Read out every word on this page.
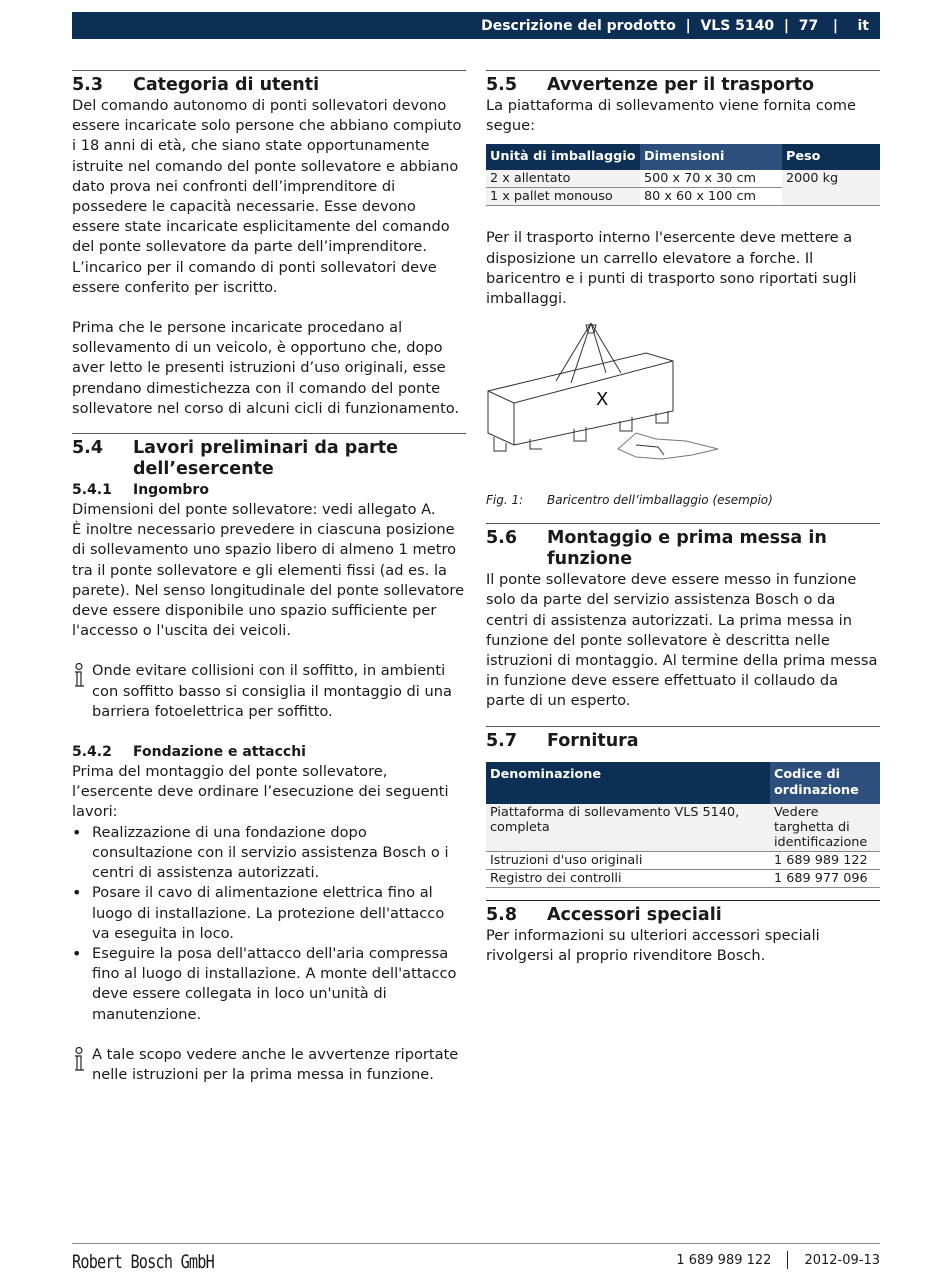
Descrizione del prodotto
|
VLS 5140
|
77
|
it
5.3	Categoria di utenti

Del comando autonomo di ponti sollevatori devono essere incaricate solo persone che abbiano compiuto i 18 anni di età, che siano state opportunamente istruite nel comando del ponte sollevatore e abbiano dato prova nei confronti dell’imprenditore di possedere le capacità necessarie. Esse devono essere state incaricate esplicitamente del comando del ponte sollevatore da parte dell’imprenditore. L’incarico per il comando di ponti sollevatori deve essere conferito per iscritto.

Prima che le persone incaricate procedano al sollevamento di un veicolo, è opportuno che, dopo aver letto le presenti istruzioni d’uso originali, esse prendano dimestichezza con il comando del ponte sollevatore nel corso di alcuni cicli di funzionamento.

5.4	Lavori preliminari da parte dell’esercente
5.4.1	Ingombro

Dimensioni del ponte sollevatore: vedi allegato A.

È inoltre necessario prevedere in ciascuna posizione di sollevamento uno spazio libero di almeno 1 metro tra il ponte sollevatore e gli elementi fissi (ad es. la parete). Nel senso longitudinale del ponte sollevatore deve essere disponibile uno spazio sufficiente per l'accesso o l'uscita dei veicoli.

Onde evitare collisioni con il soffitto, in ambienti con soffitto basso si consiglia il montaggio di una barriera fotoelettrica per soffitto.
5.4.2	Fondazione e attacchi

Prima del montaggio del ponte sollevatore, l’esercente deve ordinare l’esecuzione dei seguenti lavori:

• Realizzazione di una fondazione dopo consultazione con il servizio assistenza Bosch o i centri di assistenza autorizzati.
• Posare il cavo di alimentazione elettrica fino al luogo di installazione. La protezione dell'attacco va eseguita in loco.
• Eseguire la posa dell'attacco dell'aria compressa fino al luogo di installazione. A monte dell'attacco deve essere collegata in loco un'unità di manutenzione.
A tale scopo vedere anche le avvertenze riportate nelle istruzioni per la prima messa in funzione.
5.5	Avvertenze per il trasporto

La piattaforma di sollevamento viene fornita come segue:

Unità di imballaggio	Dimensioni	Peso
2 x allentato	500 x 70 x 30 cm	2000 kg
1 x pallet monouso	80 x 60 x 100 cm	

Per il trasporto interno l'esercente deve mettere a disposizione un carrello elevatore a forche. Il baricentro e i punti di trasporto sono riportati sugli imballaggi.

X
Fig. 1:	Baricentro dell’imballaggio (esempio)
5.6	Montaggio e prima messa in funzione

Il ponte sollevatore deve essere messo in funzione solo da parte del servizio assistenza Bosch o da centri di assistenza autorizzati. La prima messa in funzione del ponte sollevatore è descritta nelle istruzioni di montaggio. Al termine della prima messa in funzione deve essere effettuato il collaudo da parte di un esperto.

5.7	Fornitura
Denominazione	Codice di ordinazione
Piattaforma di sollevamento VLS 5140, completa	Vedere targhetta di identificazione
Istruzioni d'uso originali	1 689 989 122
Registro dei controlli	1 689 977 096
5.8	Accessori speciali

Per informazioni su ulteriori accessori speciali rivolgersi al proprio rivenditore Bosch.

Robert Bosch GmbH	1 689 989 122	2012-09-13
